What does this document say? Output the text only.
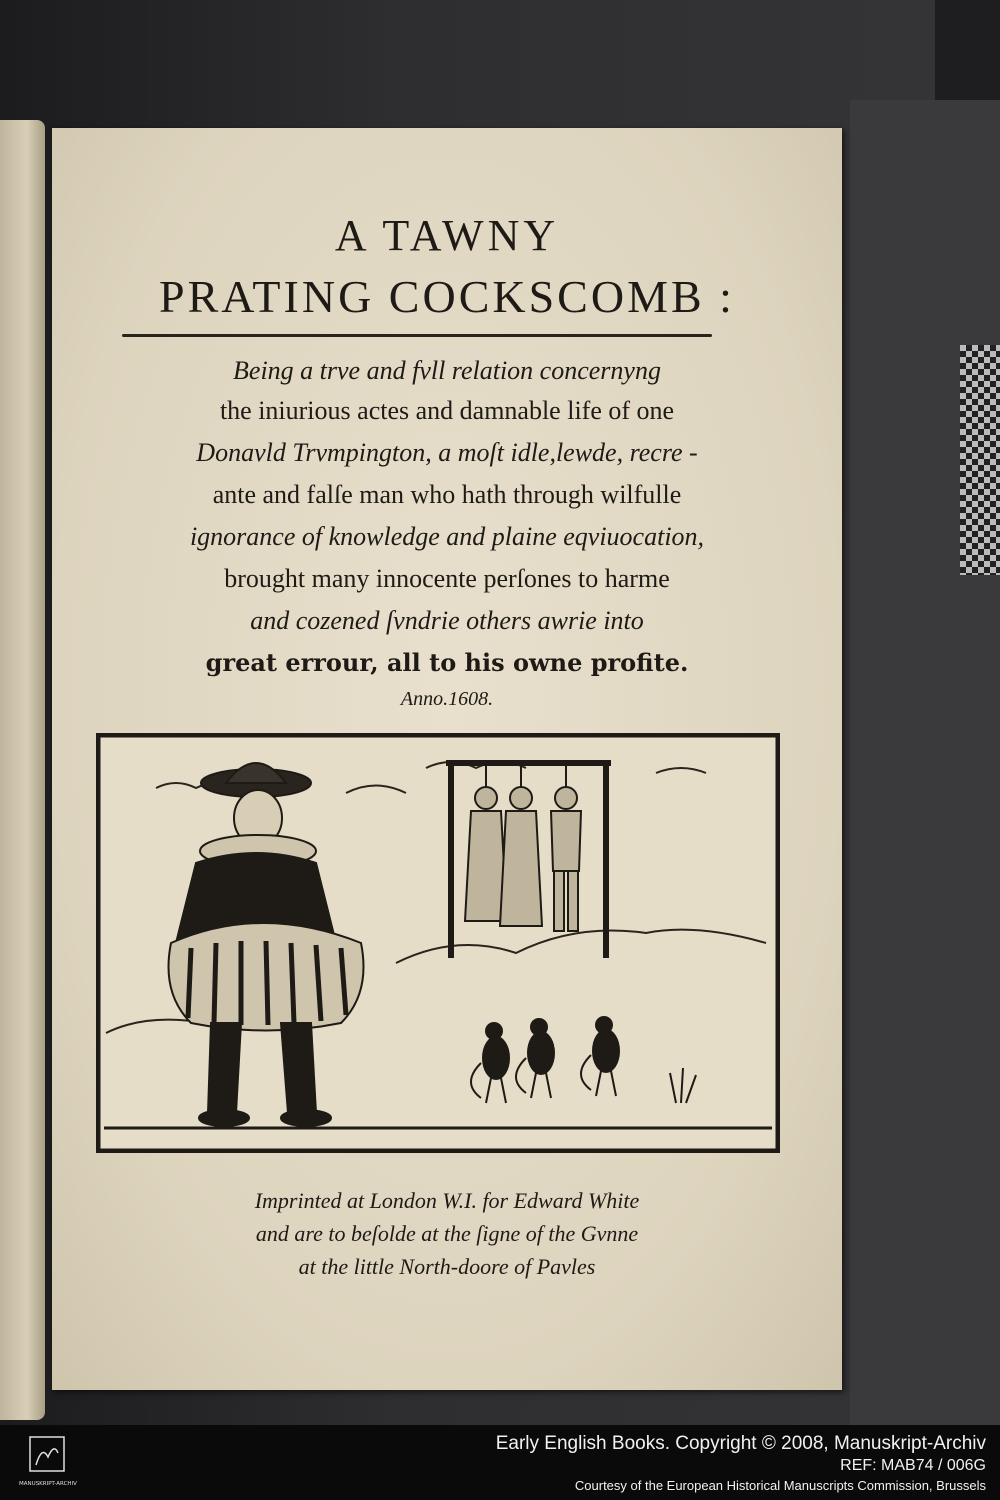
A TAWNY
PRATING COCKSCOMB :
Being a trve and fvll relation concernyng
the iniurious actes and damnable life of one
Donavld Trvmpington, a moſt idle,lewde, recre -
ante and falſe man who hath through wilfulle
ignorance of knowledge and plaine eqviuocation,
brought many innocente perſones to harme
and cozened ſvndrie others awrie into
great errour, all to his owne profite.
Anno.1608.
Imprinted at London W.I. for Edward White
and are to beſolde at the ſigne of the Gvnne
at the little North-doore of Pavles
MANUSKRIPT-ARCHIV
Early English Books. Copyright © 2008, Manuskript-Archiv
REF: MAB74 / 006G
Courtesy of the European Historical Manuscripts Commission, Brussels
